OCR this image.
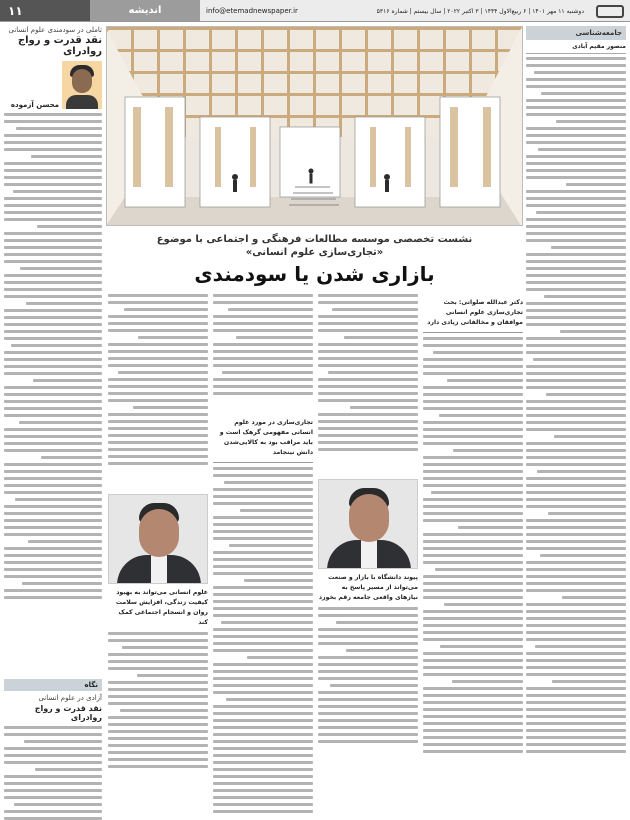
۱۱	اندیشه	info@etemadnewspaper.ir	دوشنبه ۱۱ مهر ۱۴۰۱ | ۶ ربیع‌الاول ۱۴۴۴ | ۳ اکتبر ۲۰۲۲ | سال بیستم | شماره ۵۳۱۶
جامعه‌شناسی
منصور مقیم آبادی
تاملی در سودمندی علوم انسانی
نقد قدرت و رواج روادرای
محسن آزموده
نگاه
آزادی در علوم انسانی
نقد قدرت و رواج روادرای
نشست تخصصی موسسه مطالعات فرهنگی و اجتماعی با موضوع
«تجاری‌سازی علوم انسانی»
بازاری شدن یا سودمندی
دکتر عبدالله صلواتی: بحث تجاری‌سازی علوم انسانی موافقان و مخالفانی زیادی دارد
پیوند دانشگاه با بازار و صنعت می‌تواند از مسیر پاسخ به نیازهای واقعی جامعه رقم بخورد
تجاری‌سازی در مورد علوم انسانی مفهومی گرهک است و باید مراقب بود به کالایی‌شدن دانش نینجامد
علوم انسانی می‌تواند به بهبود کیفیت زندگی، افزایش سلامت روان و انسجام اجتماعی کمک کند
